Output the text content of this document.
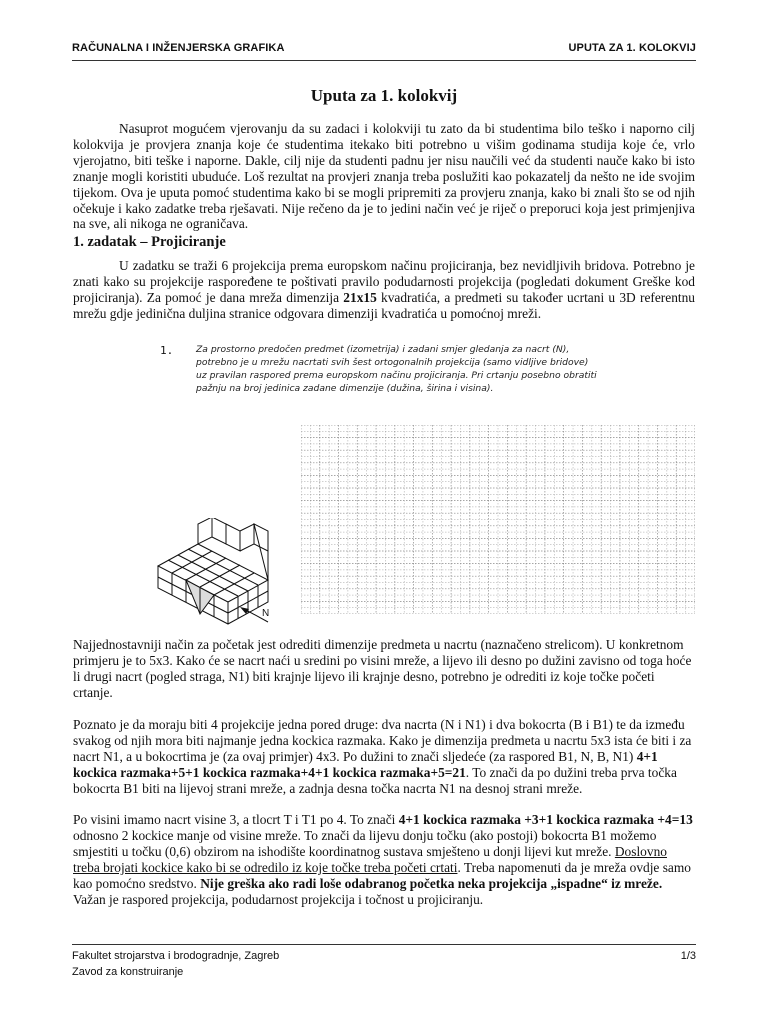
RAČUNALNA I INŽENJERSKA GRAFIKA	UPUTA ZA 1. KOLOKVIJ
Uputa za 1. kolokvij
Nasuprot mogućem vjerovanju da su zadaci i kolokviji tu zato da bi studentima bilo teško i naporno cilj kolokvija je provjera znanja koje će studentima itekako biti potrebno u višim godinama studija koje će, vrlo vjerojatno, biti teške i naporne. Dakle, cilj nije da studenti padnu jer nisu naučili već da studenti nauče kako bi isto znanje mogli koristiti ubuduće. Loš rezultat na provjeri znanja treba poslužiti kao pokazatelj da nešto ne ide svojim tijekom. Ova je uputa pomoć studentima kako bi se mogli pripremiti za provjeru znanja, kako bi znali što se od njih očekuje i kako zadatke treba rješavati. Nije rečeno da je to jedini način već je riječ o preporuci koja jest primjenjiva na sve, ali nikoga ne ograničava.
1. zadatak – Projiciranje
U zadatku se traži 6 projekcija prema europskom načinu projiciranja, bez nevidljivih bridova. Potrebno je znati kako su projekcije raspoređene te poštivati pravilo podudarnosti projekcija (pogledati dokument Greške kod projiciranja). Za pomoć je dana mreža dimenzija 21x15 kvadratića, a predmeti su također ucrtani u 3D referentnu mrežu gdje jedinična duljina stranice odgovara dimenziji kvadratića u pomoćnoj mreži.
1. Za prostorno predočen predmet (izometrija) i zadani smjer gledanja za nacrt (N),
potrebno je u mrežu nacrtati svih šest ortogonalnih projekcija (samo vidljive bridove)
uz pravilan raspored prema europskom načinu projiciranja. Pri crtanju posebno obratiti
pažnju na broj jedinica zadane dimenzije (dužina, širina i visina).
N
Najjednostavniji način za početak jest odrediti dimenzije predmeta u nacrtu (naznačeno strelicom). U konkretnom primjeru je to 5x3. Kako će se nacrt naći u sredini po visini mreže, a lijevo ili desno po dužini zavisno od toga hoće li drugi nacrt (pogled straga, N1) biti krajnje lijevo ili krajnje desno, potrebno je odrediti iz koje točke početi crtanje.
Poznato je da moraju biti 4 projekcije jedna pored druge: dva nacrta (N i N1) i dva bokocrta (B i B1) te da između svakog od njih mora biti najmanje jedna kockica razmaka. Kako je dimenzija predmeta u nacrtu 5x3 ista će biti i za nacrt N1, a u bokocrtima je (za ovaj primjer) 4x3. Po dužini to znači sljedeće (za raspored B1, N, B, N1) 4+1 kockica razmaka+5+1 kockica razmaka+4+1 kockica razmaka+5=21. To znači da po dužini treba prva točka bokocrta B1 biti na lijevoj strani mreže, a zadnja desna točka nacrta N1 na desnoj strani mreže.
Po visini imamo nacrt visine 3, a tlocrt T i T1 po 4. To znači 4+1 kockica razmaka +3+1 kockica razmaka +4=13 odnosno 2 kockice manje od visine mreže. To znači da lijevu donju točku (ako postoji) bokocrta B1 možemo smjestiti u točku (0,6) obzirom na ishodište koordinatnog sustava smješteno u donji lijevi kut mreže. Doslovno treba brojati kockice kako bi se odredilo iz koje točke treba početi crtati. Treba napomenuti da je mreža ovdje samo kao pomoćno sredstvo. Nije greška ako radi loše odabranog početka neka projekcija „ispadne“ iz mreže. Važan je raspored projekcija, podudarnost projekcija i točnost u projiciranju.
Fakultet strojarstva i brodogradnje, Zagreb
Zavod za konstruiranje
1/3
